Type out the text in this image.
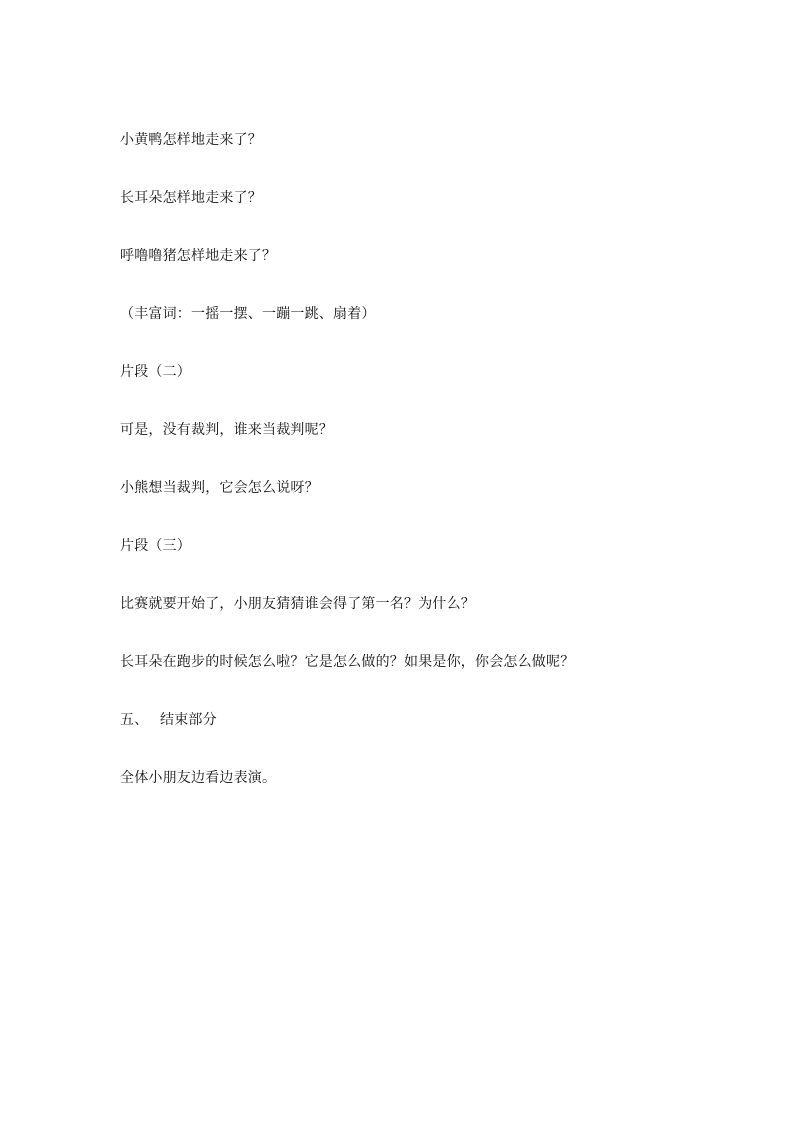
小黄鸭怎样地走来了？
长耳朵怎样地走来了？
呼噜噜猪怎样地走来了？
（丰富词：一摇一摆、一蹦一跳、扇着）
片段（二）
可是，没有裁判，谁来当裁判呢？
小熊想当裁判，它会怎么说呀？
片段（三）
比赛就要开始了，小朋友猜猜谁会得了第一名？为什么？
长耳朵在跑步的时候怎么啦？它是怎么做的？如果是你，你会怎么做呢？
五、 结束部分
全体小朋友边看边表演。
